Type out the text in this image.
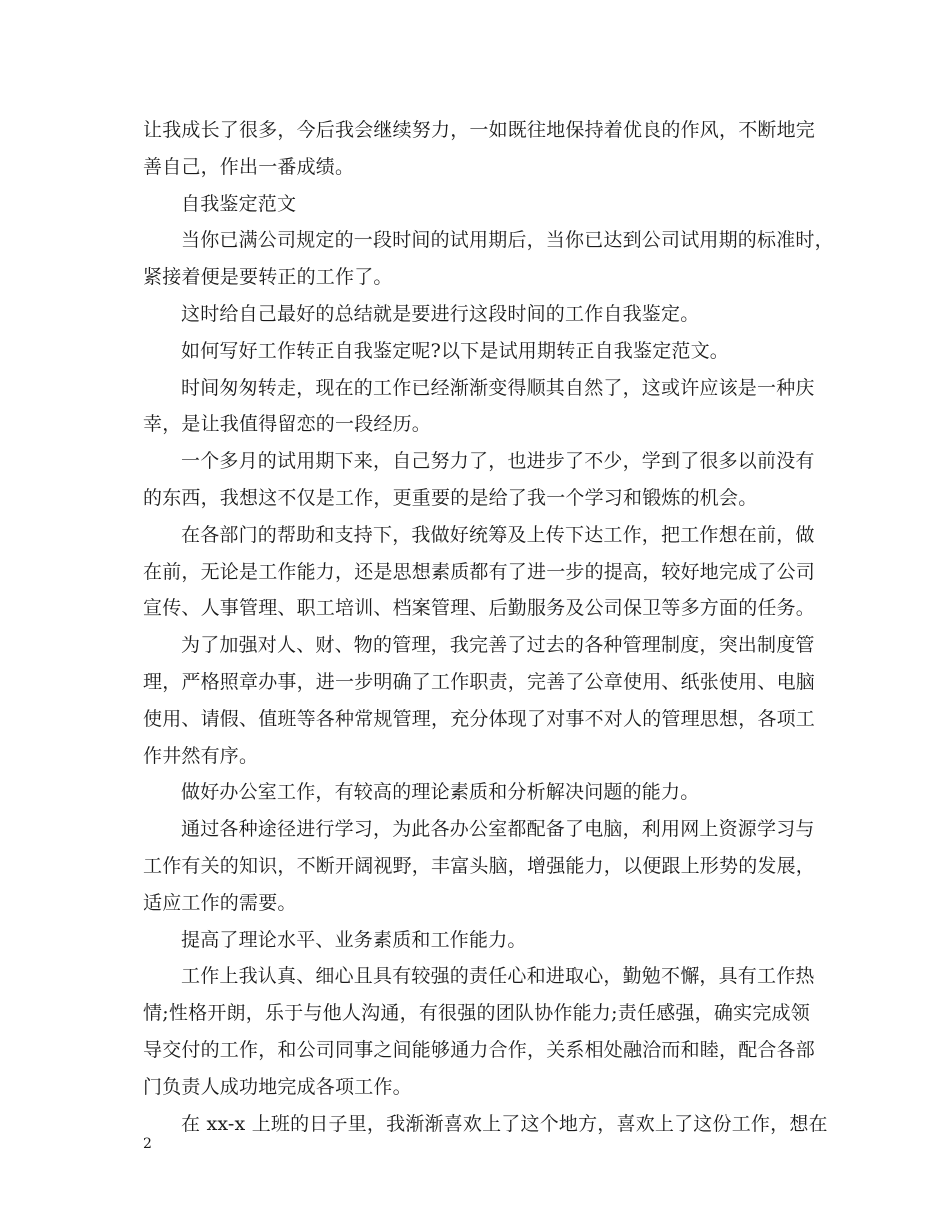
让我成长了很多，今后我会继续努力，一如既往地保持着优良的作风，不断地完
善自己，作出一番成绩。
自我鉴定范文
当你已满公司规定的一段时间的试用期后，当你已达到公司试用期的标准时，
紧接着便是要转正的工作了。
这时给自己最好的总结就是要进行这段时间的工作自我鉴定。
如何写好工作转正自我鉴定呢?以下是试用期转正自我鉴定范文。
时间匆匆转走，现在的工作已经渐渐变得顺其自然了，这或许应该是一种庆
幸，是让我值得留恋的一段经历。
一个多月的试用期下来，自己努力了，也进步了不少，学到了很多以前没有
的东西，我想这不仅是工作，更重要的是给了我一个学习和锻炼的机会。
在各部门的帮助和支持下，我做好统筹及上传下达工作，把工作想在前，做
在前，无论是工作能力，还是思想素质都有了进一步的提高，较好地完成了公司
宣传、人事管理、职工培训、档案管理、后勤服务及公司保卫等多方面的任务。
为了加强对人、财、物的管理，我完善了过去的各种管理制度，突出制度管
理，严格照章办事，进一步明确了工作职责，完善了公章使用、纸张使用、电脑
使用、请假、值班等各种常规管理，充分体现了对事不对人的管理思想，各项工
作井然有序。
做好办公室工作，有较高的理论素质和分析解决问题的能力。
通过各种途径进行学习，为此各办公室都配备了电脑，利用网上资源学习与
工作有关的知识，不断开阔视野，丰富头脑，增强能力，以便跟上形势的发展，
适应工作的需要。
提高了理论水平、业务素质和工作能力。
工作上我认真、细心且具有较强的责任心和进取心，勤勉不懈，具有工作热
情;性格开朗，乐于与他人沟通，有很强的团队协作能力;责任感强，确实完成领
导交付的工作，和公司同事之间能够通力合作，关系相处融洽而和睦，配合各部
门负责人成功地完成各项工作。
在 xx-x 上班的日子里，我渐渐喜欢上了这个地方，喜欢上了这份工作，想在
2
